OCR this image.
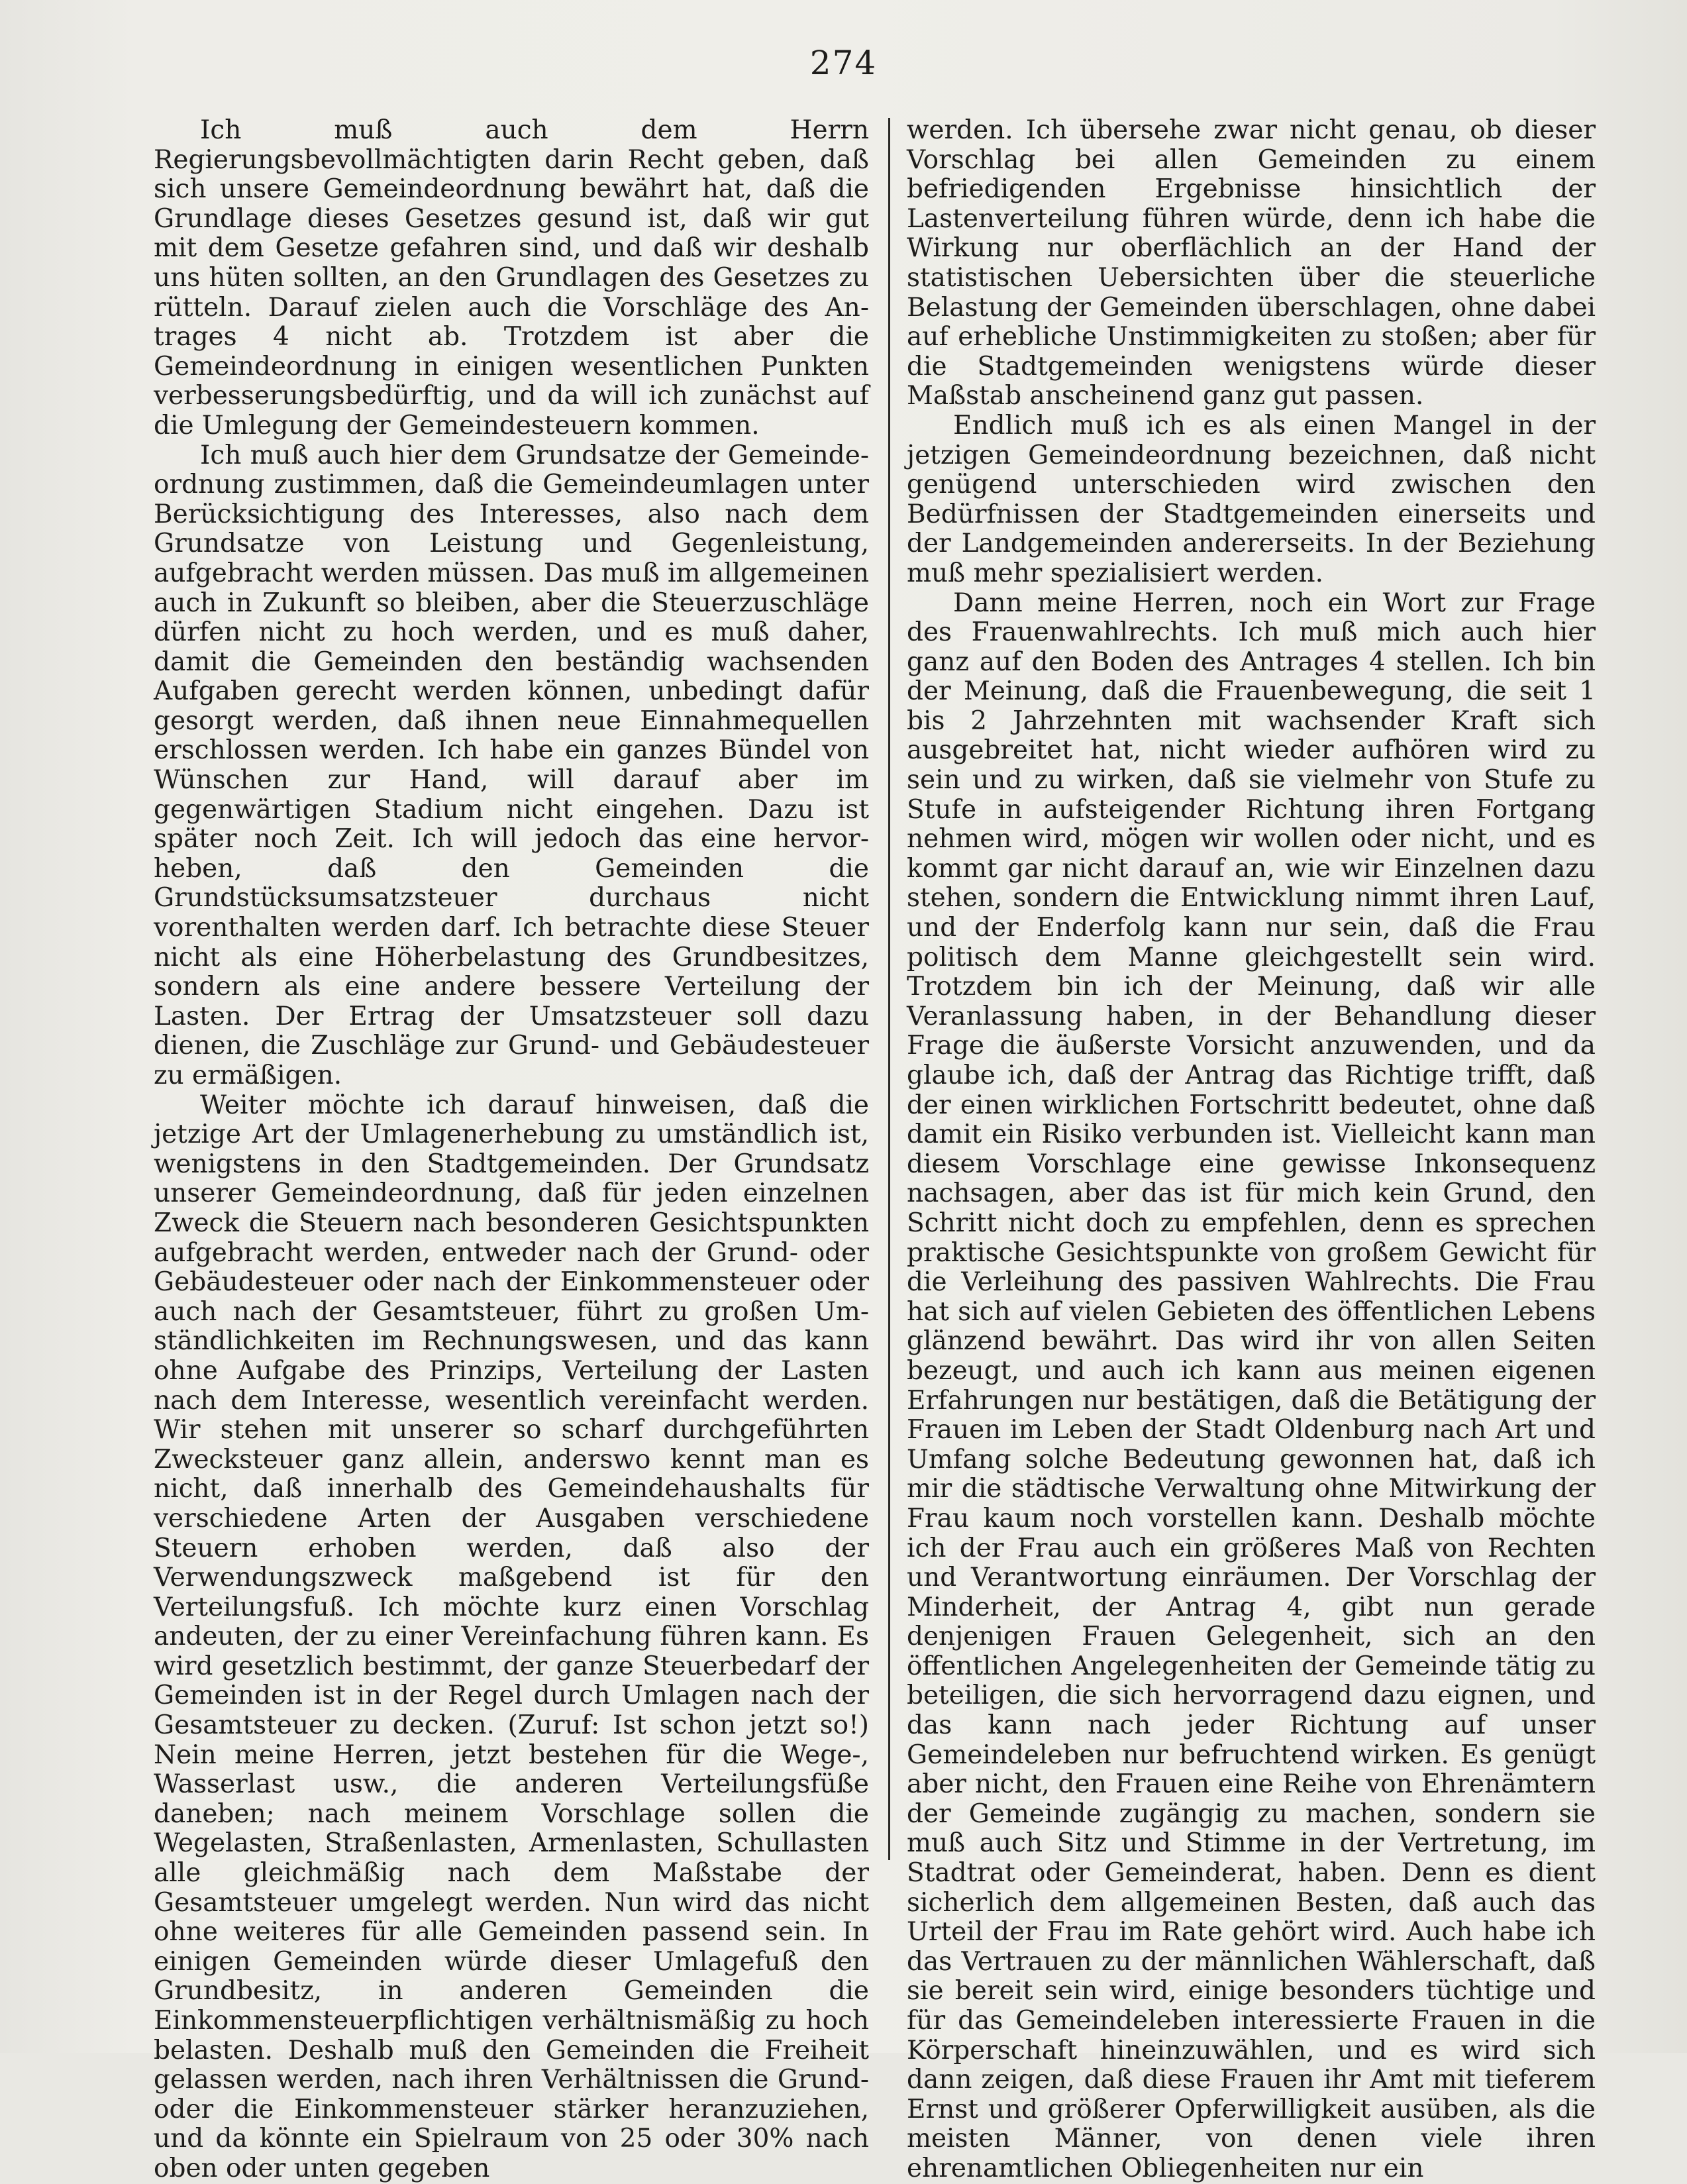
274

Ich muß auch dem Herrn Regierungsbevollmächtigten darin Recht geben, daß sich unsere Gemeindeordnung bewährt hat, daß die Grundlage dieses Gesetzes gesund ist, daß wir gut mit dem Gesetze gefahren sind, und daß wir deshalb uns hüten sollten, an den Grundlagen des Gesetzes zu rütteln. Darauf zielen auch die Vorschläge des Antrages 4 nicht ab. Trotzdem ist aber die Gemeindeordnung in einigen wesentlichen Punkten verbesserungsbedürftig, und da will ich zunächst auf die Umlegung der Gemeindesteuern kommen.

Ich muß auch hier dem Grundsatze der Gemeindeordnung zustimmen, daß die Gemeindeumlagen unter Berücksichtigung des Interesses, also nach dem Grundsatze von Leistung und Gegenleistung, aufgebracht werden müssen. Das muß im allgemeinen auch in Zukunft so bleiben, aber die Steuerzuschläge dürfen nicht zu hoch werden, und es muß daher, damit die Gemeinden den beständig wachsenden Aufgaben gerecht werden können, unbedingt dafür gesorgt werden, daß ihnen neue Einnahmequellen erschlossen werden. Ich habe ein ganzes Bündel von Wünschen zur Hand, will darauf aber im gegenwärtigen Stadium nicht eingehen. Dazu ist später noch Zeit. Ich will jedoch das eine hervorheben, daß den Gemeinden die Grundstücksumsatzsteuer durchaus nicht vorenthalten werden darf. Ich betrachte diese Steuer nicht als eine Höherbelastung des Grundbesitzes, sondern als eine andere bessere Verteilung der Lasten. Der Ertrag der Umsatzsteuer soll dazu dienen, die Zuschläge zur Grund- und Gebäudesteuer zu ermäßigen.

Weiter möchte ich darauf hinweisen, daß die jetzige Art der Umlagenerhebung zu umständlich ist, wenigstens in den Stadtgemeinden. Der Grundsatz unserer Gemeindeordnung, daß für jeden einzelnen Zweck die Steuern nach besonderen Gesichtspunkten aufgebracht werden, entweder nach der Grund- oder Gebäudesteuer oder nach der Einkommensteuer oder auch nach der Gesamtsteuer, führt zu großen Umständlichkeiten im Rechnungswesen, und das kann ohne Aufgabe des Prinzips, Verteilung der Lasten nach dem Interesse, wesentlich vereinfacht werden. Wir stehen mit unserer so scharf durchgeführten Zwecksteuer ganz allein, anderswo kennt man es nicht, daß innerhalb des Gemeindehaushalts für verschiedene Arten der Ausgaben verschiedene Steuern erhoben werden, daß also der Verwendungszweck maßgebend ist für den Verteilungsfuß. Ich möchte kurz einen Vorschlag andeuten, der zu einer Vereinfachung führen kann. Es wird gesetzlich bestimmt, der ganze Steuerbedarf der Gemeinden ist in der Regel durch Umlagen nach der Gesamtsteuer zu decken. (Zuruf: Ist schon jetzt so!) Nein meine Herren, jetzt bestehen für die Wege-, Wasserlast usw., die anderen Verteilungsfüße daneben; nach meinem Vorschlage sollen die Wegelasten, Straßenlasten, Armenlasten, Schullasten alle gleichmäßig nach dem Maßstabe der Gesamtsteuer umgelegt werden. Nun wird das nicht ohne weiteres für alle Gemeinden passend sein. In einigen Gemeinden würde dieser Umlagefuß den Grundbesitz, in anderen Gemeinden die Einkommensteuerpflichtigen verhältnismäßig zu hoch belasten. Deshalb muß den Gemeinden die Freiheit gelassen werden, nach ihren Verhältnissen die Grund- oder die Einkommensteuer stärker heranzuziehen, und da könnte ein Spielraum von 25 oder 30% nach oben oder unten gegeben

werden. Ich übersehe zwar nicht genau, ob dieser Vorschlag bei allen Gemeinden zu einem befriedigenden Ergebnisse hinsichtlich der Lastenverteilung führen würde, denn ich habe die Wirkung nur oberflächlich an der Hand der statistischen Uebersichten über die steuerliche Belastung der Gemeinden überschlagen, ohne dabei auf erhebliche Unstimmigkeiten zu stoßen; aber für die Stadtgemeinden wenigstens würde dieser Maßstab anscheinend ganz gut passen.

Endlich muß ich es als einen Mangel in der jetzigen Gemeindeordnung bezeichnen, daß nicht genügend unterschieden wird zwischen den Bedürfnissen der Stadtgemeinden einerseits und der Landgemeinden andererseits. In der Beziehung muß mehr spezialisiert werden.

Dann meine Herren, noch ein Wort zur Frage des Frauenwahlrechts. Ich muß mich auch hier ganz auf den Boden des Antrages 4 stellen. Ich bin der Meinung, daß die Frauenbewegung, die seit 1 bis 2 Jahrzehnten mit wachsender Kraft sich ausgebreitet hat, nicht wieder aufhören wird zu sein und zu wirken, daß sie vielmehr von Stufe zu Stufe in aufsteigender Richtung ihren Fortgang nehmen wird, mögen wir wollen oder nicht, und es kommt gar nicht darauf an, wie wir Einzelnen dazu stehen, sondern die Entwicklung nimmt ihren Lauf, und der Enderfolg kann nur sein, daß die Frau politisch dem Manne gleichgestellt sein wird. Trotzdem bin ich der Meinung, daß wir alle Veranlassung haben, in der Behandlung dieser Frage die äußerste Vorsicht anzuwenden, und da glaube ich, daß der Antrag das Richtige trifft, daß der einen wirklichen Fortschritt bedeutet, ohne daß damit ein Risiko verbunden ist. Vielleicht kann man diesem Vorschlage eine gewisse Inkonsequenz nachsagen, aber das ist für mich kein Grund, den Schritt nicht doch zu empfehlen, denn es sprechen praktische Gesichtspunkte von großem Gewicht für die Verleihung des passiven Wahlrechts. Die Frau hat sich auf vielen Gebieten des öffentlichen Lebens glänzend bewährt. Das wird ihr von allen Seiten bezeugt, und auch ich kann aus meinen eigenen Erfahrungen nur bestätigen, daß die Betätigung der Frauen im Leben der Stadt Oldenburg nach Art und Umfang solche Bedeutung gewonnen hat, daß ich mir die städtische Verwaltung ohne Mitwirkung der Frau kaum noch vorstellen kann. Deshalb möchte ich der Frau auch ein größeres Maß von Rechten und Verantwortung einräumen. Der Vorschlag der Minderheit, der Antrag 4, gibt nun gerade denjenigen Frauen Gelegenheit, sich an den öffentlichen Angelegenheiten der Gemeinde tätig zu beteiligen, die sich hervorragend dazu eignen, und das kann nach jeder Richtung auf unser Gemeindeleben nur befruchtend wirken. Es genügt aber nicht, den Frauen eine Reihe von Ehrenämtern der Gemeinde zugängig zu machen, sondern sie muß auch Sitz und Stimme in der Vertretung, im Stadtrat oder Gemeinderat, haben. Denn es dient sicherlich dem allgemeinen Besten, daß auch das Urteil der Frau im Rate gehört wird. Auch habe ich das Vertrauen zu der männlichen Wählerschaft, daß sie bereit sein wird, einige besonders tüchtige und für das Gemeindeleben interessierte Frauen in die Körperschaft hineinzuwählen, und es wird sich dann zeigen, daß diese Frauen ihr Amt mit tieferem Ernst und größerer Opferwilligkeit ausüben, als die meisten Männer, von denen viele ihren ehrenamtlichen Obliegenheiten nur ein
